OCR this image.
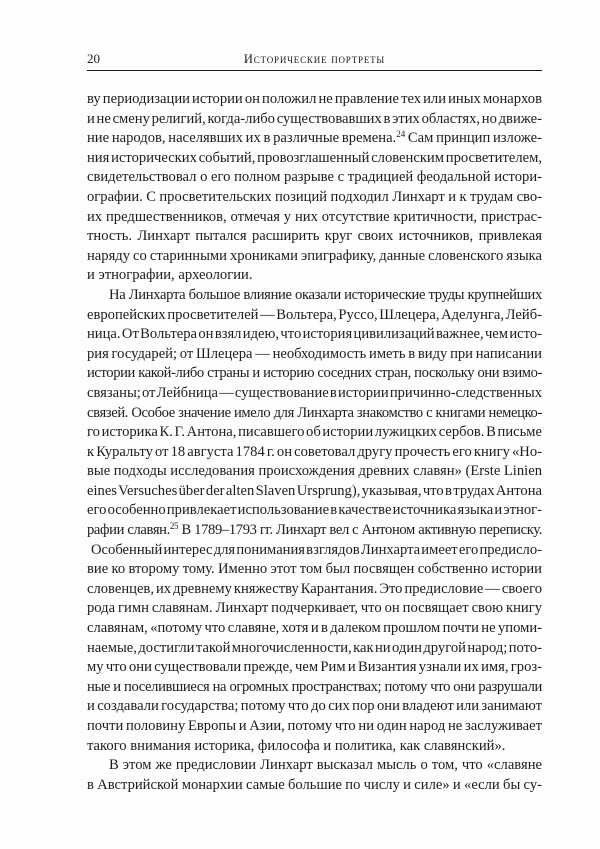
20	Исторические портреты
ву периодизации истории он положил не правление тех или иных монархов
и не смену религий, когда-либо существовавших в этих областях, но движе-
ние народов, населявших их в различные времена.$^{24}$ Сам принцип изложе-
ния исторических событий, провозглашенный словенским просветителем,
свидетельствовал о его полном разрыве с традицией феодальной истори-
ографии. С просветительских позиций подходил Линхарт и к трудам сво-
их предшественников, отмечая у них отсутствие критичности, пристрас-
тность. Линхарт пытался расширить круг своих источников, привлекая
наряду со старинными хрониками эпиграфику, данные словенского языка
и этнографии, археологии.
На Линхарта большое влияние оказали исторические труды крупнейших
европейских просветителей — Вольтера, Руссо, Шлецера, Аделунга, Лейб-
ница. От Вольтера он взял идею, что история цивилизаций важнее, чем исто-
рия государей; от Шлецера — необходимость иметь в виду при написании
истории какой-либо страны и историю соседних стран, поскольку они взимо-
связаны; от Лейбница — существование в истории причинно-следственных
связей. Особое значение имело для Линхарта знакомство с книгами немецко-
го историка К. Г. Антона, писавшего об истории лужицких сербов. В письме
к Куральту от 18 августа 1784 г. он советовал другу прочесть его книгу «Но-
вые подходы исследования происхождения древних славян» (Erste Linien
eines Versuches über der alten Slaven Ursprung), указывая, что в трудах Антона
его особенно привлекает использование в качестве источника языка и этног-
рафии славян.$^{25}$ В 1789–1793 гг. Линхарт вел с Антоном активную переписку.
Особенный интерес для понимания взглядов Линхарта имеет его предисло-
вие ко второму тому. Именно этот том был посвящен собственно истории
словенцев, их древнему княжеству Карантания. Это предисловие — своего
рода гимн славянам. Линхарт подчеркивает, что он посвящает свою книгу
славянам, «потому что славяне, хотя и в далеком прошлом почти не упоми-
наемые, достигли такой многочисленности, как ни один другой народ; пото-
му что они существовали прежде, чем Рим и Византия узнали их имя, гроз-
ные и поселившиеся на огромных пространствах; потому что они разрушали
и создавали государства; потому что до сих пор они владеют или занимают
почти половину Европы и Азии, потому что ни один народ не заслуживает
такого внимания историка, философа и политика, как славянский».
В этом же предисловии Линхарт высказал мысль о том, что «славяне
в Австрийской монархии самые большие по числу и силе» и «если бы су-
